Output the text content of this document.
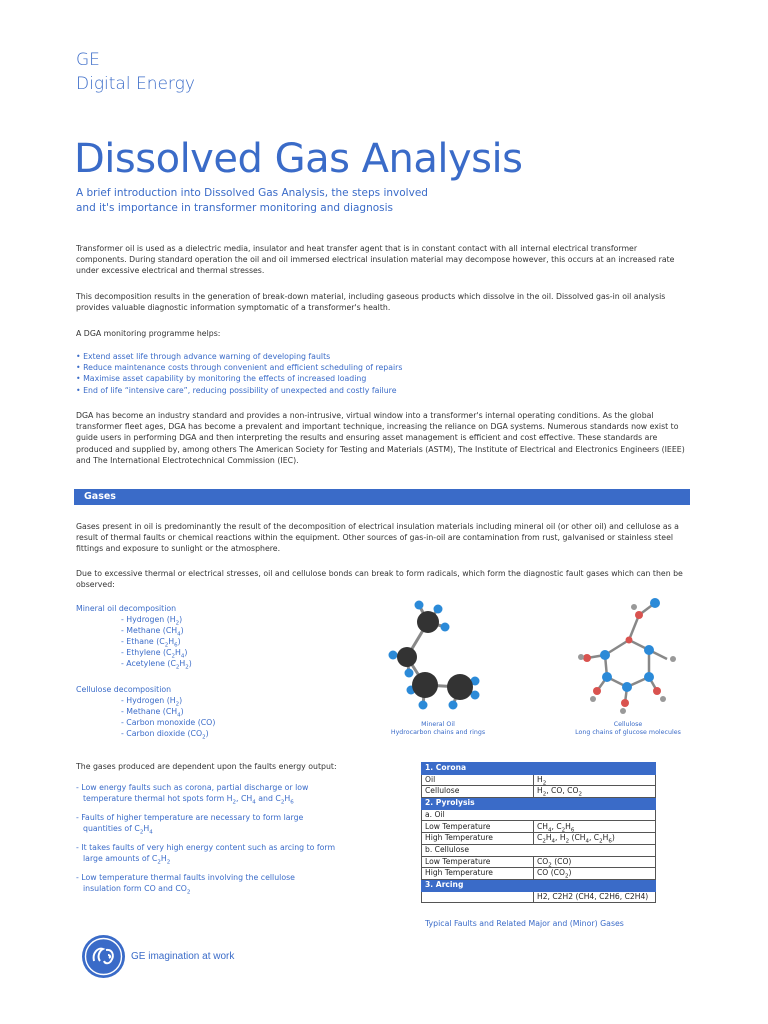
GE
Digital Energy
Dissolved Gas Analysis
A brief introduction into Dissolved Gas Analysis, the steps involved
and it's importance in transformer monitoring and diagnosis

Transformer oil is used as a dielectric media, insulator and heat transfer agent that is in constant contact with all internal electrical transformer components. During standard operation the oil and oil immersed electrical insulation material may decompose however, this occurs at an increased rate under excessive electrical and thermal stresses.

This decomposition results in the generation of break-down material, including gaseous products which dissolve in the oil. Dissolved gas-in oil analysis provides valuable diagnostic information symptomatic of a transformer's health.

A DGA monitoring programme helps:

• Extend asset life through advance warning of developing faults
• Reduce maintenance costs through convenient and efficient scheduling of repairs
• Maximise asset capability by monitoring the effects of increased loading
• End of life “intensive care”, reducing possibility of unexpected and costly failure

DGA has become an industry standard and provides a non-intrusive, virtual window into a transformer's internal operating conditions. As the global transformer fleet ages, DGA has become a prevalent and important technique, increasing the reliance on DGA systems. Numerous standards now exist to guide users in performing DGA and then interpreting the results and ensuring asset management is efficient and cost effective. These standards are produced and supplied by, among others The American Society for Testing and Materials (ASTM), The Institute of Electrical and Electronics Engineers (IEEE) and The International Electrotechnical Commission (IEC).

Gases

Gases present in oil is predominantly the result of the decomposition of electrical insulation materials including mineral oil (or other oil) and cellulose as a result of thermal faults or chemical reactions within the equipment. Other sources of gas-in-oil are contamination from rust, galvanised or stainless steel fittings and exposure to sunlight or the atmosphere.

Due to excessive thermal or electrical stresses, oil and cellulose bonds can break to form radicals, which form the diagnostic fault gases which can then be observed:

Mineral oil decomposition
- Hydrogen $(H_2)$
- Methane $(CH_4)$
- Ethane $(C_2H_6)$
- Ethylene $(C_2H_4)$
- Acetylene $(C_2H_2)$
Cellulose decomposition
- Hydrogen $(H_2)$
- Methane $(CH_4)$
- Carbon monoxide (CO)
- Carbon dioxide $(CO_2)$
Mineral Oil
Hydrocarbon chains and rings
Cellulose
Long chains of glucose molecules

The gases produced are dependent upon the faults energy output:

- Low energy faults such as corona, partial discharge or low
temperature thermal hot spots form $H_2$, $CH_4$ and $C_2H_6$
- Faults of higher temperature are necessary to form large
quantities of $C_2H_4$
- It takes faults of very high energy content such as arcing to form
large amounts of $C_2H_2$
- Low temperature thermal faults involving the cellulose
insulation form CO and $CO_2$
1. Corona	
Oil	$H_2$
Cellulose	$H_2$, CO, $CO_2$
2. Pyrolysis	
a. Oil	
Low Temperature	$CH_4$, $C_2H_6$
High Temperature	$C_2H_4$, $H_2$ ($CH_4$, $C_2H_6$)
b. Cellulose	
Low Temperature	$CO_2$ (CO)
High Temperature	CO $(CO_2)$
3. Arcing	
	H2, C2H2 (CH4, C2H6, C2H4)
Typical Faults and Related Major and (Minor) Gases
GE imagination at work
